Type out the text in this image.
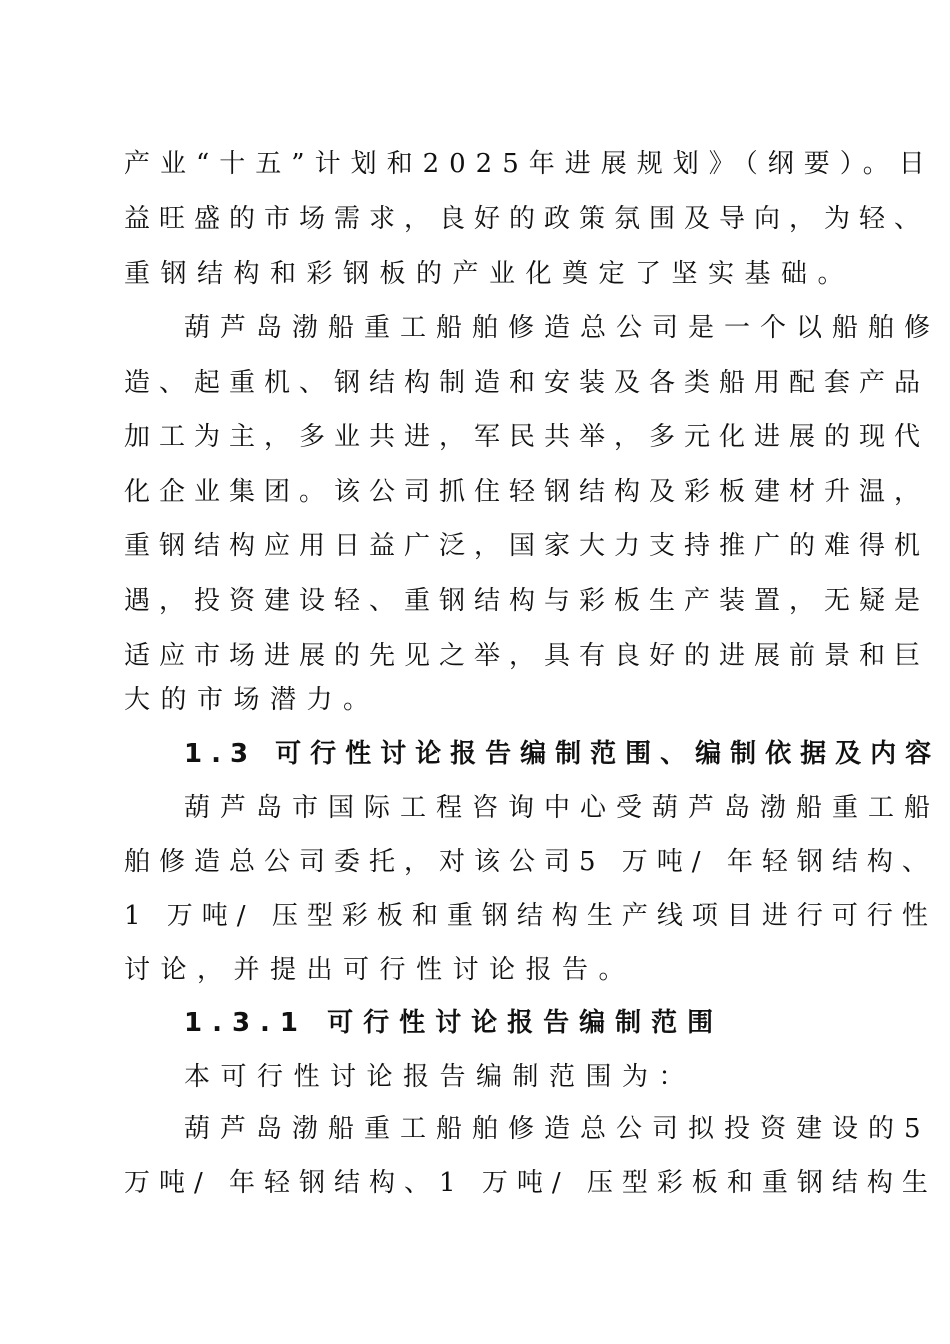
产业“十五”计划和2025年进展规划》（纲要）。日
益旺盛的市场需求，良好的政策氛围及导向，为轻、
重钢结构和彩钢板的产业化奠定了坚实基础。
葫芦岛渤船重工船舶修造总公司是一个以船舶修
造、起重机、钢结构制造和安装及各类船用配套产品
加工为主，多业共进，军民共举，多元化进展的现代
化企业集团。该公司抓住轻钢结构及彩板建材升温，
重钢结构应用日益广泛，国家大力支持推广的难得机
遇，投资建设轻、重钢结构与彩板生产装置，无疑是
适应市场进展的先见之举，具有良好的进展前景和巨
大的市场潜力。
1.3 可行性讨论报告编制范围、编制依据及内容
葫芦岛市国际工程咨询中心受葫芦岛渤船重工船
舶修造总公司委托，对该公司5 万吨/ 年轻钢结构、
1 万吨/ 压型彩板和重钢结构生产线项目进行可行性
讨论，并提出可行性讨论报告。
1.3.1 可行性讨论报告编制范围
本可行性讨论报告编制范围为：
葫芦岛渤船重工船舶修造总公司拟投资建设的5
万吨/ 年轻钢结构、1 万吨/ 压型彩板和重钢结构生
